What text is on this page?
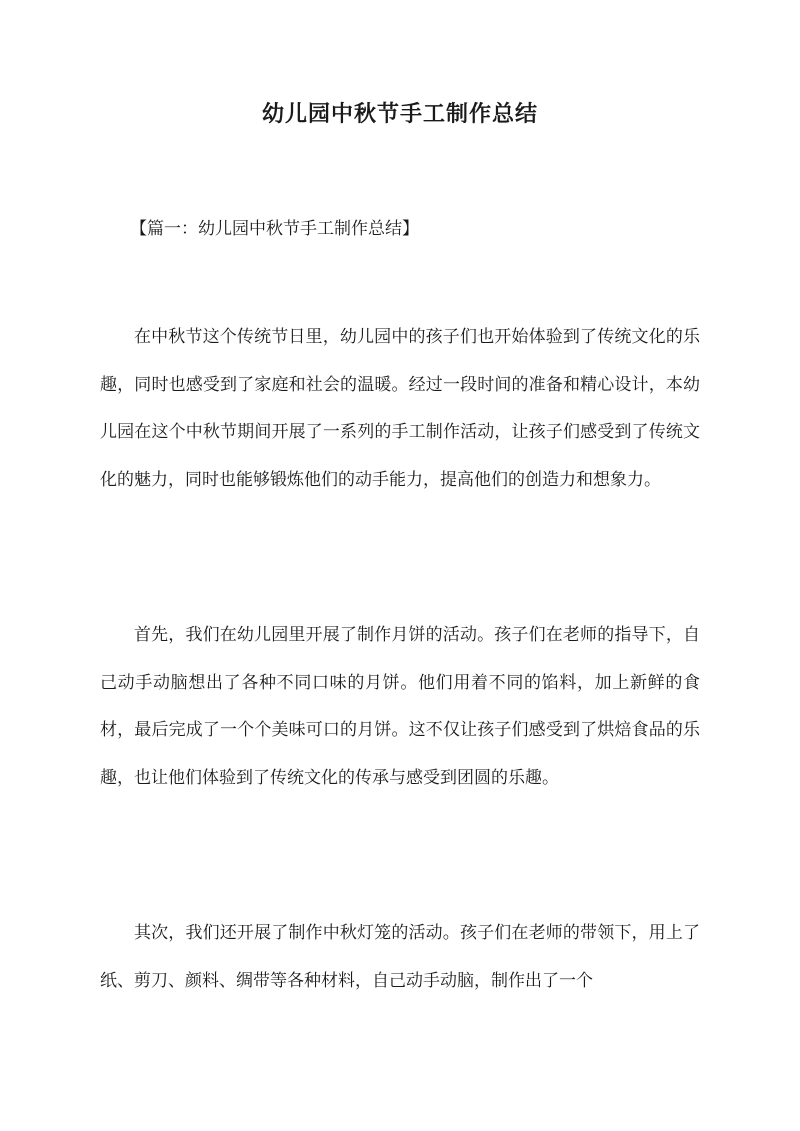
幼儿园中秋节手工制作总结

【篇一：幼儿园中秋节手工制作总结】

在中秋节这个传统节日里，幼儿园中的孩子们也开始体验到了传统文化的乐趣，同时也感受到了家庭和社会的温暖。经过一段时间的准备和精心设计，本幼儿园在这个中秋节期间开展了一系列的手工制作活动，让孩子们感受到了传统文化的魅力，同时也能够锻炼他们的动手能力，提高他们的创造力和想象力。

首先，我们在幼儿园里开展了制作月饼的活动。孩子们在老师的指导下，自己动手动脑想出了各种不同口味的月饼。他们用着不同的馅料，加上新鲜的食材，最后完成了一个个美味可口的月饼。这不仅让孩子们感受到了烘焙食品的乐趣，也让他们体验到了传统文化的传承与感受到团圆的乐趣。

其次，我们还开展了制作中秋灯笼的活动。孩子们在老师的带领下，用上了纸、剪刀、颜料、绸带等各种材料，自己动手动脑，制作出了一个
